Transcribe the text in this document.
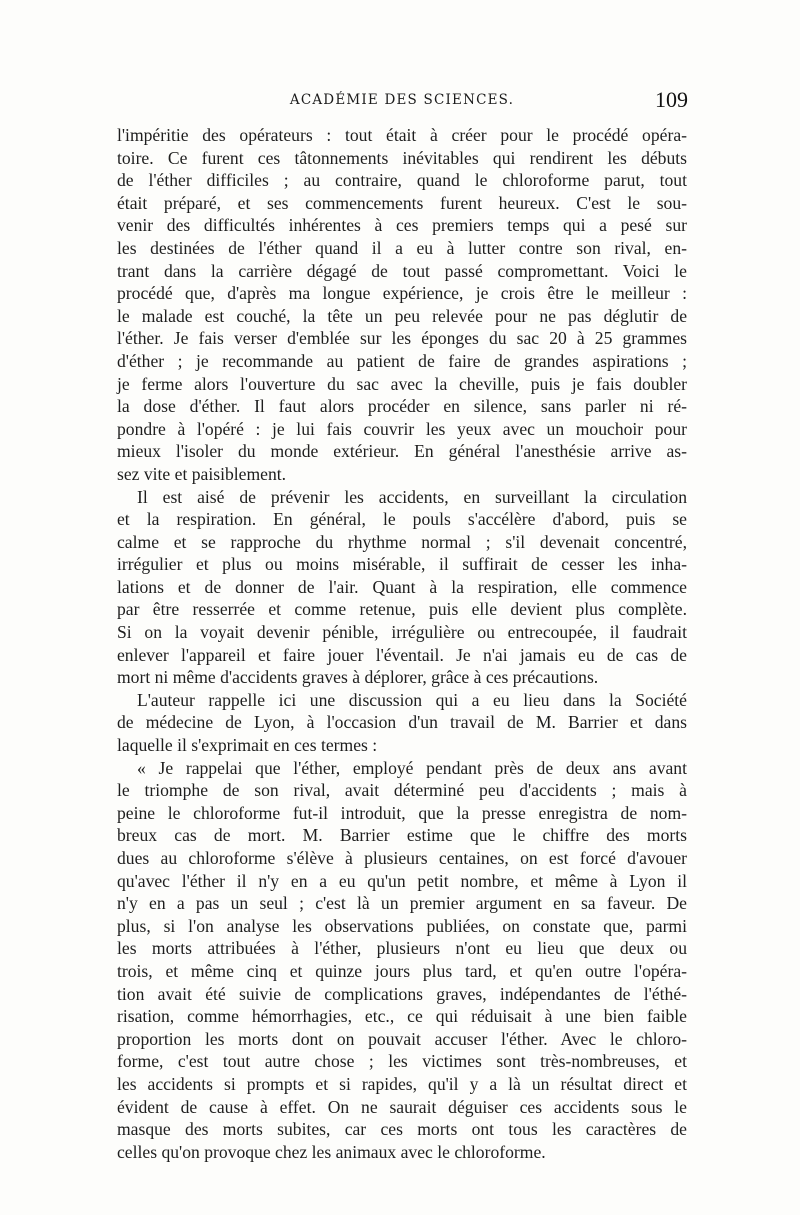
ACADÉMIE DES SCIENCES.	109
l'impéritie des opérateurs : tout était à créer pour le procédé opéra-
toire. Ce furent ces tâtonnements inévitables qui rendirent les débuts
de l'éther difficiles ; au contraire, quand le chloroforme parut, tout
était préparé, et ses commencements furent heureux. C'est le sou-
venir des difficultés inhérentes à ces premiers temps qui a pesé sur
les destinées de l'éther quand il a eu à lutter contre son rival, en-
trant dans la carrière dégagé de tout passé compromettant. Voici le
procédé que, d'après ma longue expérience, je crois être le meilleur :
le malade est couché, la tête un peu relevée pour ne pas déglutir de
l'éther. Je fais verser d'emblée sur les éponges du sac 20 à 25 grammes
d'éther ; je recommande au patient de faire de grandes aspirations ;
je ferme alors l'ouverture du sac avec la cheville, puis je fais doubler
la dose d'éther. Il faut alors procéder en silence, sans parler ni ré-
pondre à l'opéré : je lui fais couvrir les yeux avec un mouchoir pour
mieux l'isoler du monde extérieur. En général l'anesthésie arrive as-
sez vite et paisiblement.
Il est aisé de prévenir les accidents, en surveillant la circulation
et la respiration. En général, le pouls s'accélère d'abord, puis se
calme et se rapproche du rhythme normal ; s'il devenait concentré,
irrégulier et plus ou moins misérable, il suffirait de cesser les inha-
lations et de donner de l'air. Quant à la respiration, elle commence
par être resserrée et comme retenue, puis elle devient plus complète.
Si on la voyait devenir pénible, irrégulière ou entrecoupée, il faudrait
enlever l'appareil et faire jouer l'éventail. Je n'ai jamais eu de cas de
mort ni même d'accidents graves à déplorer, grâce à ces précautions.
L'auteur rappelle ici une discussion qui a eu lieu dans la Société
de médecine de Lyon, à l'occasion d'un travail de M. Barrier et dans
laquelle il s'exprimait en ces termes :
« Je rappelai que l'éther, employé pendant près de deux ans avant
le triomphe de son rival, avait déterminé peu d'accidents ; mais à
peine le chloroforme fut-il introduit, que la presse enregistra de nom-
breux cas de mort. M. Barrier estime que le chiffre des morts
dues au chloroforme s'élève à plusieurs centaines, on est forcé d'avouer
qu'avec l'éther il n'y en a eu qu'un petit nombre, et même à Lyon il
n'y en a pas un seul ; c'est là un premier argument en sa faveur. De
plus, si l'on analyse les observations publiées, on constate que, parmi
les morts attribuées à l'éther, plusieurs n'ont eu lieu que deux ou
trois, et même cinq et quinze jours plus tard, et qu'en outre l'opéra-
tion avait été suivie de complications graves, indépendantes de l'éthé-
risation, comme hémorrhagies, etc., ce qui réduisait à une bien faible
proportion les morts dont on pouvait accuser l'éther. Avec le chloro-
forme, c'est tout autre chose ; les victimes sont très-nombreuses, et
les accidents si prompts et si rapides, qu'il y a là un résultat direct et
évident de cause à effet. On ne saurait déguiser ces accidents sous le
masque des morts subites, car ces morts ont tous les caractères de
celles qu'on provoque chez les animaux avec le chloroforme.
